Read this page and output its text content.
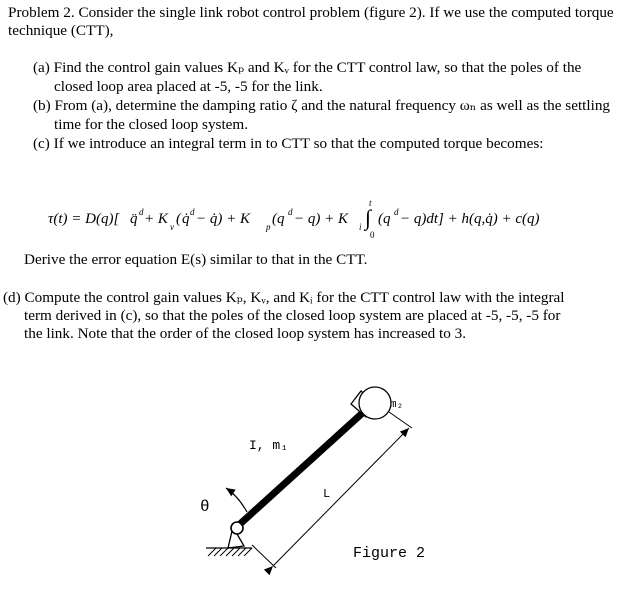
Problem 2. Consider the single link robot control problem (figure 2). If we use the computed torque
technique (CTT),
(a) Find the control gain values Kₚ and Kᵥ for the CTT control law, so that the poles of the
closed loop area placed at -5, -5 for the link.
(b) From (a), determine the damping ratio ζ and the natural frequency ωₙ as well as the settling
time for the closed loop system.
(c) If we introduce an integral term in to CTT so that the computed torque becomes:
τ(t) = D(q)[ q̈ d + K v ( q̇ d − q̇) + K p (q d − q) + K i
t
∫
0
(q d − q)dt] + h(q,q̇) + c(q)
Derive the error equation E(s) similar to that in the CTT.
(d) Compute the control gain values Kₚ, Kᵥ, and Kᵢ for the CTT control law with the integral
term derived in (c), so that the poles of the closed loop system are placed at -5, -5, -5 for
the link. Note that the order of the closed loop system has increased to 3.
m₂
I, m₁
L
θ
Figure 2
